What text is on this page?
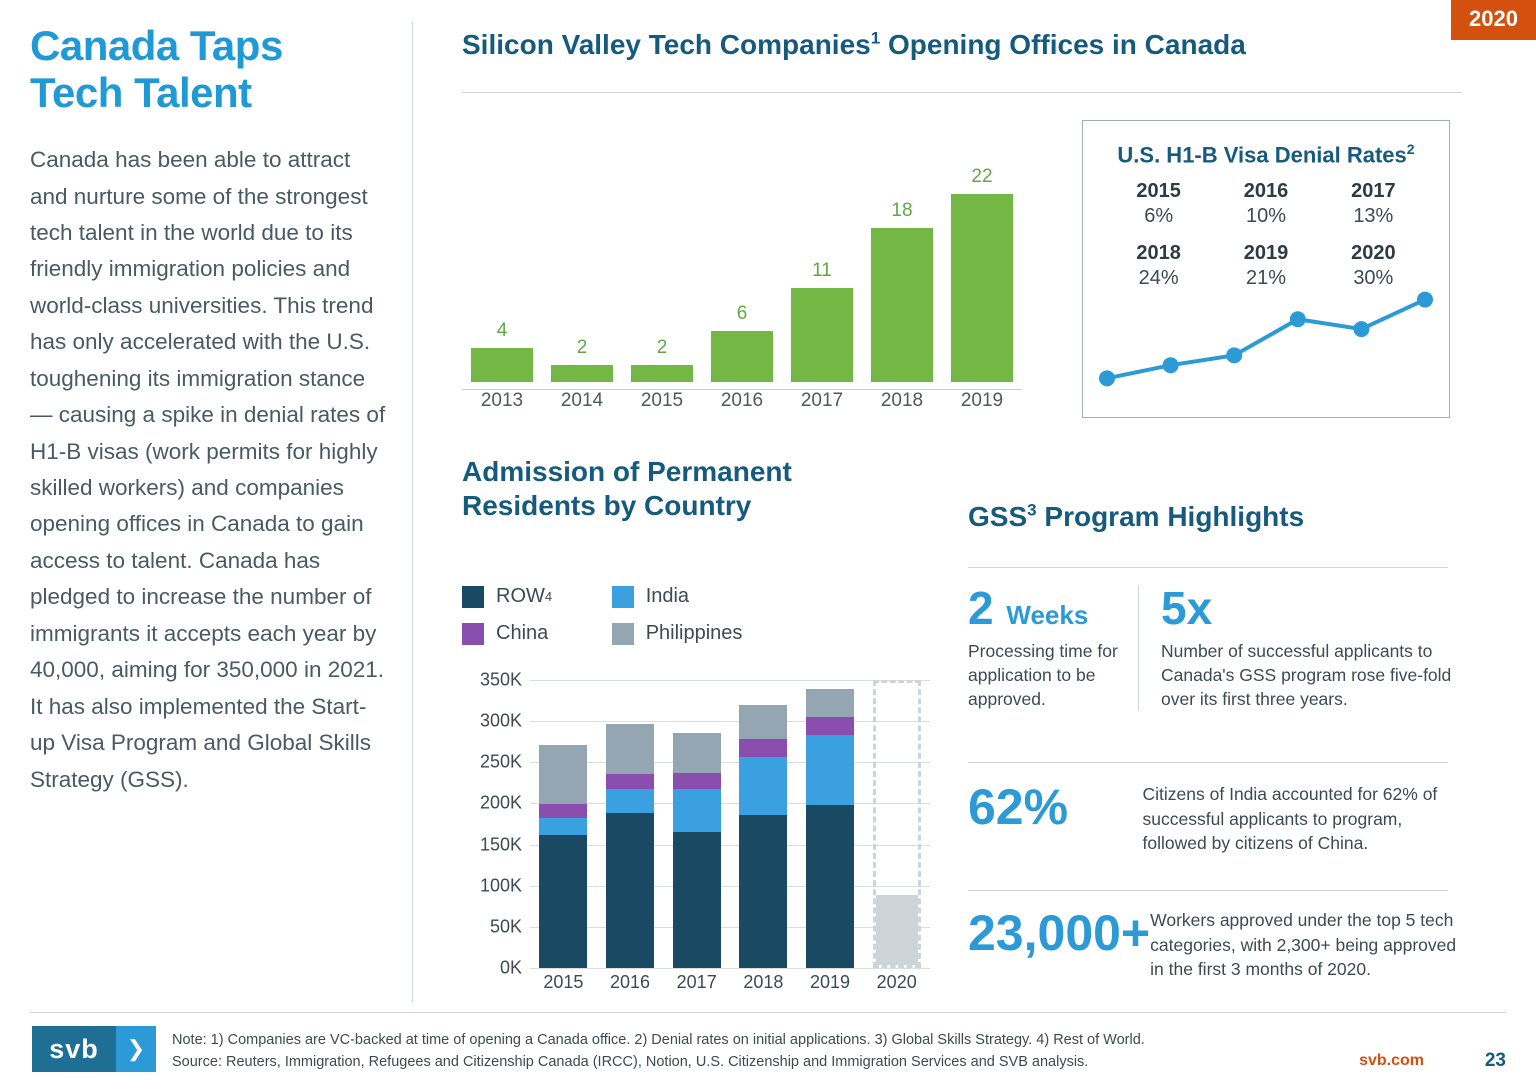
2020
Canada Taps
Tech Talent
Canada has been able to attract and nurture some of the strongest tech talent in the world due to its friendly immigration policies and world-class universities. This trend has only accelerated with the U.S. toughening its immigration stance — causing a spike in denial rates of H1-B visas (work permits for highly skilled workers) and companies opening offices in Canada to gain access to talent. Canada has pledged to increase the number of immigrants it accepts each year by 40,000, aiming for 350,000 in 2021. It has also implemented the Start-up Visa Program and Global Skills Strategy (GSS).
Silicon Valley Tech Companies$^1$ Opening Offices in Canada
4
2	2
6
11
18
22
2013	2014	2015	2016	2017	2018	2019
U.S. H1-B Visa Denial Rates$^2$
2015
6%
2016
10%
2017
13%
2018
24%
2019
21%
2020
30%
Admission of Permanent
Residents by Country
ROW 4	India
China	Philippines
0K
50K
100K
150K
200K
250K
300K
350K
2015	2016	2017	2018	2019	2020
GSS$^3$ Program Highlights
2 Weeks
Processing time for application to be approved.
5x
Number of successful applicants to Canada's GSS program rose five-fold over its first three years.
62%	Citizens of India accounted for 62% of successful applicants to program, followed by citizens of China.
23,000+ Workers approved under the top 5 tech categories, with 2,300+ being approved in the first 3 months of 2020.
svb	❯	Note: 1) Companies are VC-backed at time of opening a Canada office. 2) Denial rates on initial applications. 3) Global Skills Strategy. 4) Rest of World.
Source: Reuters, Immigration, Refugees and Citizenship Canada (IRCC), Notion, U.S. Citizenship and Immigration Services and SVB analysis.	svb.com	23
